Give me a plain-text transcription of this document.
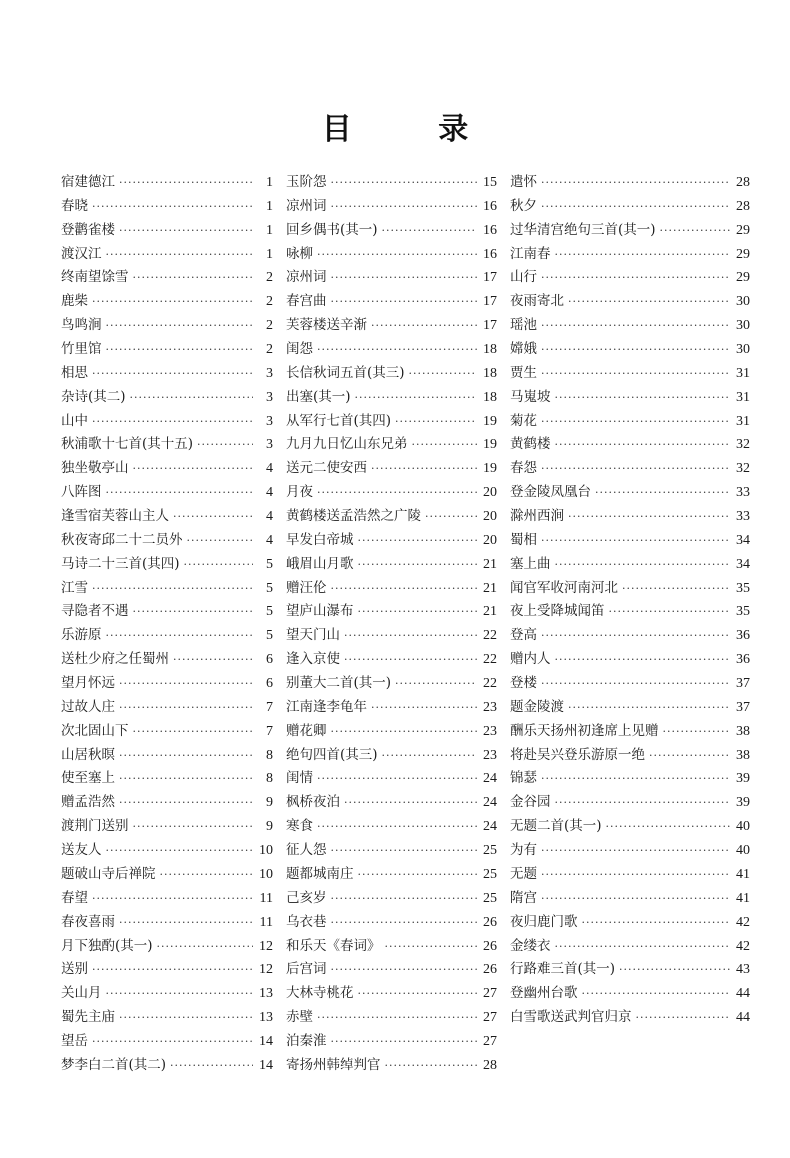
目 录
宿建德江 ·····	1
春晓 ·····	1
登鹳雀楼 ·····	1
渡汉江 ·····	1
终南望馀雪 ·····	2
鹿柴 ·····	2
鸟鸣涧 ·····	2
竹里馆 ·····	2
相思 ·····	3
杂诗(其二) ·····	3
山中 ·····	3
秋浦歌十七首(其十五) ·····	3
独坐敬亭山 ·····	4
八阵图 ·····	4
逢雪宿芙蓉山主人 ·····	4
秋夜寄邱二十二员外 ·····	4
马诗二十三首(其四) ·····	5
江雪 ·····	5
寻隐者不遇 ·····	5
乐游原 ·····	5
送杜少府之任蜀州 ·····	6
望月怀远 ·····	6
过故人庄 ·····	7
次北固山下 ·····	7
山居秋暝 ·····	8
使至塞上 ·····	8
赠孟浩然 ·····	9
渡荆门送别 ·····	9
送友人 ·····	10
题破山寺后禅院 ·····	10
春望 ·····	11
春夜喜雨 ·····	11
月下独酌(其一) ·····	12
送别 ·····	12
关山月 ·····	13
蜀先主庙 ·····	13
望岳 ·····	14
梦李白二首(其二) ·····	14
玉阶怨 ·····	15
凉州词 ·····	16
回乡偶书(其一) ·····	16
咏柳 ·····	16
凉州词 ·····	17
春宫曲 ·····	17
芙蓉楼送辛渐 ·····	17
闺怨 ·····	18
长信秋词五首(其三) ·····	18
出塞(其一) ·····	18
从军行七首(其四) ·····	19
九月九日忆山东兄弟 ·····	19
送元二使安西 ·····	19
月夜 ·····	20
黄鹤楼送孟浩然之广陵 ·····	20
早发白帝城 ·····	20
峨眉山月歌 ·····	21
赠汪伦 ·····	21
望庐山瀑布 ·····	21
望天门山 ·····	22
逢入京使 ·····	22
别董大二首(其一) ·····	22
江南逢李龟年 ·····	23
赠花卿 ·····	23
绝句四首(其三) ·····	23
闺情 ·····	24
枫桥夜泊 ·····	24
寒食 ·····	24
征人怨 ·····	25
题都城南庄 ·····	25
己亥岁 ·····	25
乌衣巷 ·····	26
和乐天《春词》 ·····	26
后宫词 ·····	26
大林寺桃花 ·····	27
赤壁 ·····	27
泊秦淮 ·····	27
寄扬州韩绰判官 ·····	28
遣怀 ·····	28
秋夕 ·····	28
过华清宫绝句三首(其一) ·····	29
江南春 ·····	29
山行 ·····	29
夜雨寄北 ·····	30
瑶池 ·····	30
嫦娥 ·····	30
贾生 ·····	31
马嵬坡 ·····	31
菊花 ·····	31
黄鹤楼 ·····	32
春怨 ·····	32
登金陵凤凰台 ·····	33
滁州西涧 ·····	33
蜀相 ·····	34
塞上曲 ·····	34
闻官军收河南河北 ·····	35
夜上受降城闻笛 ·····	35
登高 ·····	36
赠内人 ·····	36
登楼 ·····	37
题金陵渡 ·····	37
酬乐天扬州初逢席上见赠 ·····	38
将赴吴兴登乐游原一绝 ·····	38
锦瑟 ·····	39
金谷园 ·····	39
无题二首(其一) ·····	40
为有 ·····	40
无题 ·····	41
隋宫 ·····	41
夜归鹿门歌 ·····	42
金缕衣 ·····	42
行路难三首(其一) ·····	43
登幽州台歌 ·····	44
白雪歌送武判官归京 ·····	44
